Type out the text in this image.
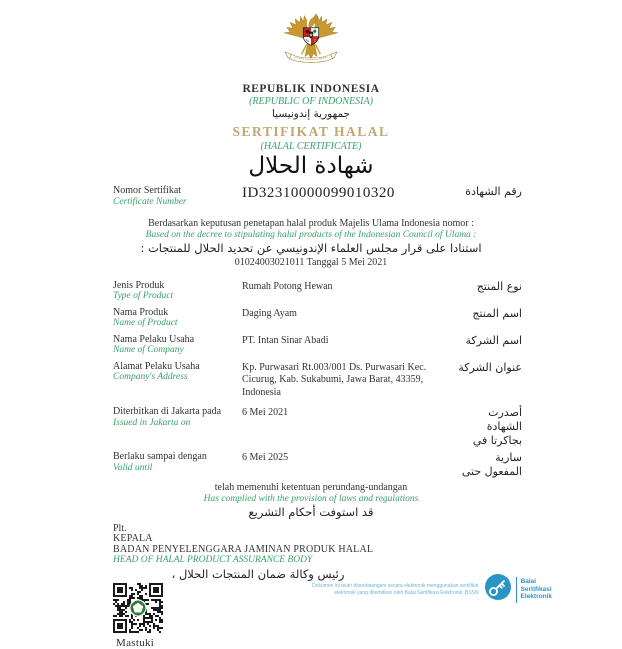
REPUBLIK INDONESIA
(REPUBLIC OF INDONESIA)
جمهورية إندونيسيا
SERTIFIKAT HALAL
(HALAL CERTIFICATE)
شهادة الحلال
Nomor Sertifikat
Certificate Number
ID32310000099010320	رقم الشهادة
Berdasarkan keputusan penetapan halal produk Majelis Ulama Indonesia nomor :
Based on the decree to stipulating halal products of the Indonesian Council of Ulama :
استنادا على قرار مجلس العلماء الإندونيسي عن تحديد الحلال للمنتجات :
01024003021011 Tanggal 5 Mei 2021
Jenis Produk
Type of Product
Rumah Potong Hewan	نوع المنتج
Nama Produk
Name of Product
Daging Ayam	اسم المنتج
Nama Pelaku Usaha
Name of Company
PT. Intan Sinar Abadi	اسم الشركة
Alamat Pelaku Usaha
Company's Address
Kp. Purwasari Rt.003/001 Ds. Purwasari Kec. Cicurug, Kab. Sukabumi, Jawa Barat, 43359, Indonesia
عنوان الشركة
Diterbitkan di Jakarta pada
Issued in Jakarta on
6 Mei 2021	أصدرت الشهادة بجاكرتا في
Berlaku sampai dengan
Valid until
6 Mei 2025	سارية المفعول حتى
telah memenuhi ketentuan perundang-undangan
Has complied with the provision of laws and regulations
قد استوفت أحكام التشريع
Plt.
KEPALA
BADAN PENYELENGGARA JAMINAN PRODUK HALAL
HEAD OF HALAL PRODUCT ASSURANCE BODY
رئيس وكالة ضمان المنتجات الحلال ،
Mastuki
Dokumen ini telah ditandatangani secara elektronik menggunakan sertifikat
elektronik yang diterbitkan oleh Balai Sertifikasi Elektronik, BSSN
Balai
Sertifikasi
Elektronik
